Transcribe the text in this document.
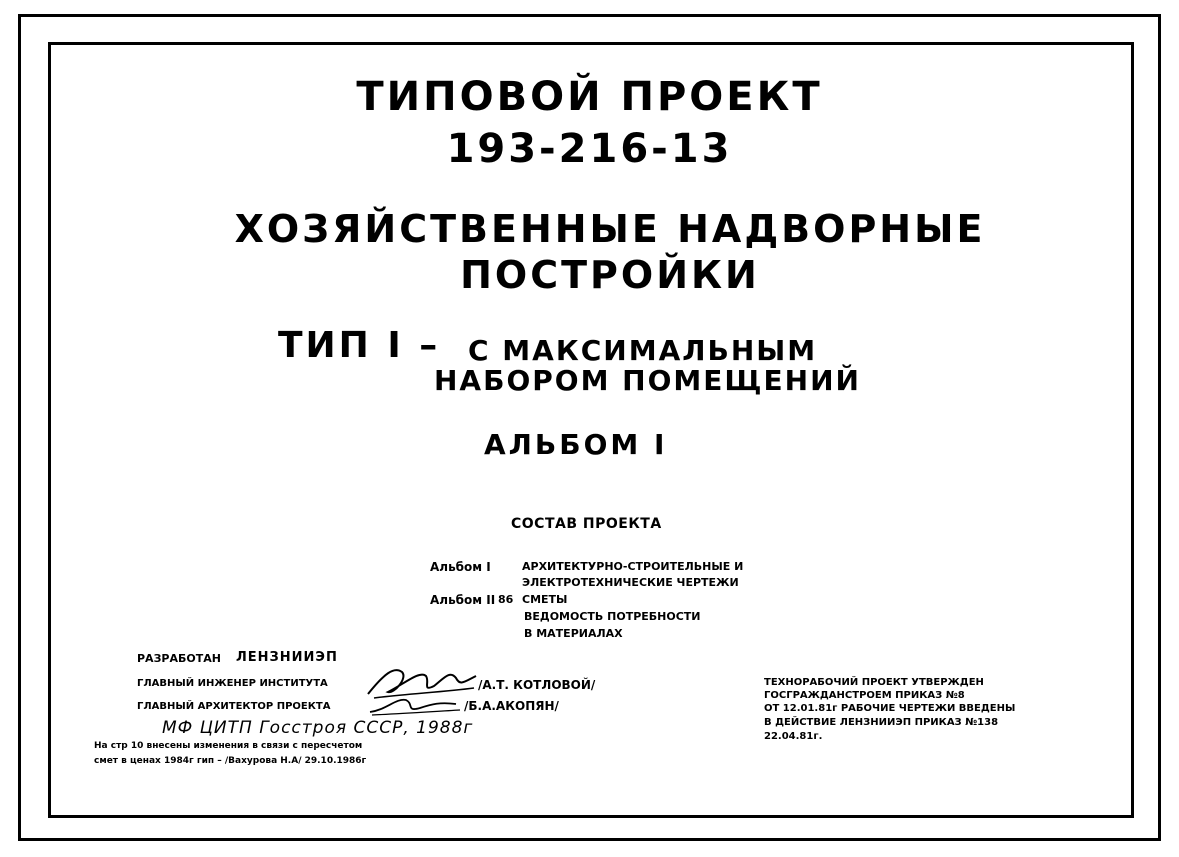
ТИПОВОЙ ПРОЕКТ
193-216-13
ХОЗЯЙСТВЕННЫЕ НАДВОРНЫЕ
ПОСТРОЙКИ
ТИП I – С МАКСИМАЛЬНЫМ
НАБОРОМ ПОМЕЩЕНИЙ
АЛЬБОМ I
СОСТАВ ПРОЕКТА
Альбом I	АРХИТЕКТУРНО-СТРОИТЕЛЬНЫЕ И
ЭЛЕКТРОТЕХНИЧЕСКИЕ ЧЕРТЕЖИ
Альбом II 86 СМЕТЫ
ВЕДОМОСТЬ ПОТРЕБНОСТИ
В МАТЕРИАЛАХ
РАЗРАБОТАН ЛЕНЗНИИЭП
ГЛАВНЫЙ ИНЖЕНЕР ИНСТИТУТА	/А.Т. КОТЛОВОЙ/
ГЛАВНЫЙ АРХИТЕКТОР ПРОЕКТА	/Б.А.АКОПЯН/
МФ ЦИТП Госстроя СССР, 1988г
На стр 10 внесены изменения в связи с пересчетом
смет в ценах 1984г гип – /Вахурова Н.А/ 29.10.1986г
ТЕХНОРАБОЧИЙ ПРОЕКТ УТВЕРЖДЕН
ГОСГРАЖДАНСТРОЕМ ПРИКАЗ №8
ОТ 12.01.81г РАБОЧИЕ ЧЕРТЕЖИ ВВЕДЕНЫ
В ДЕЙСТВИЕ ЛЕНЗНИИЭП ПРИКАЗ №138
22.04.81г.
